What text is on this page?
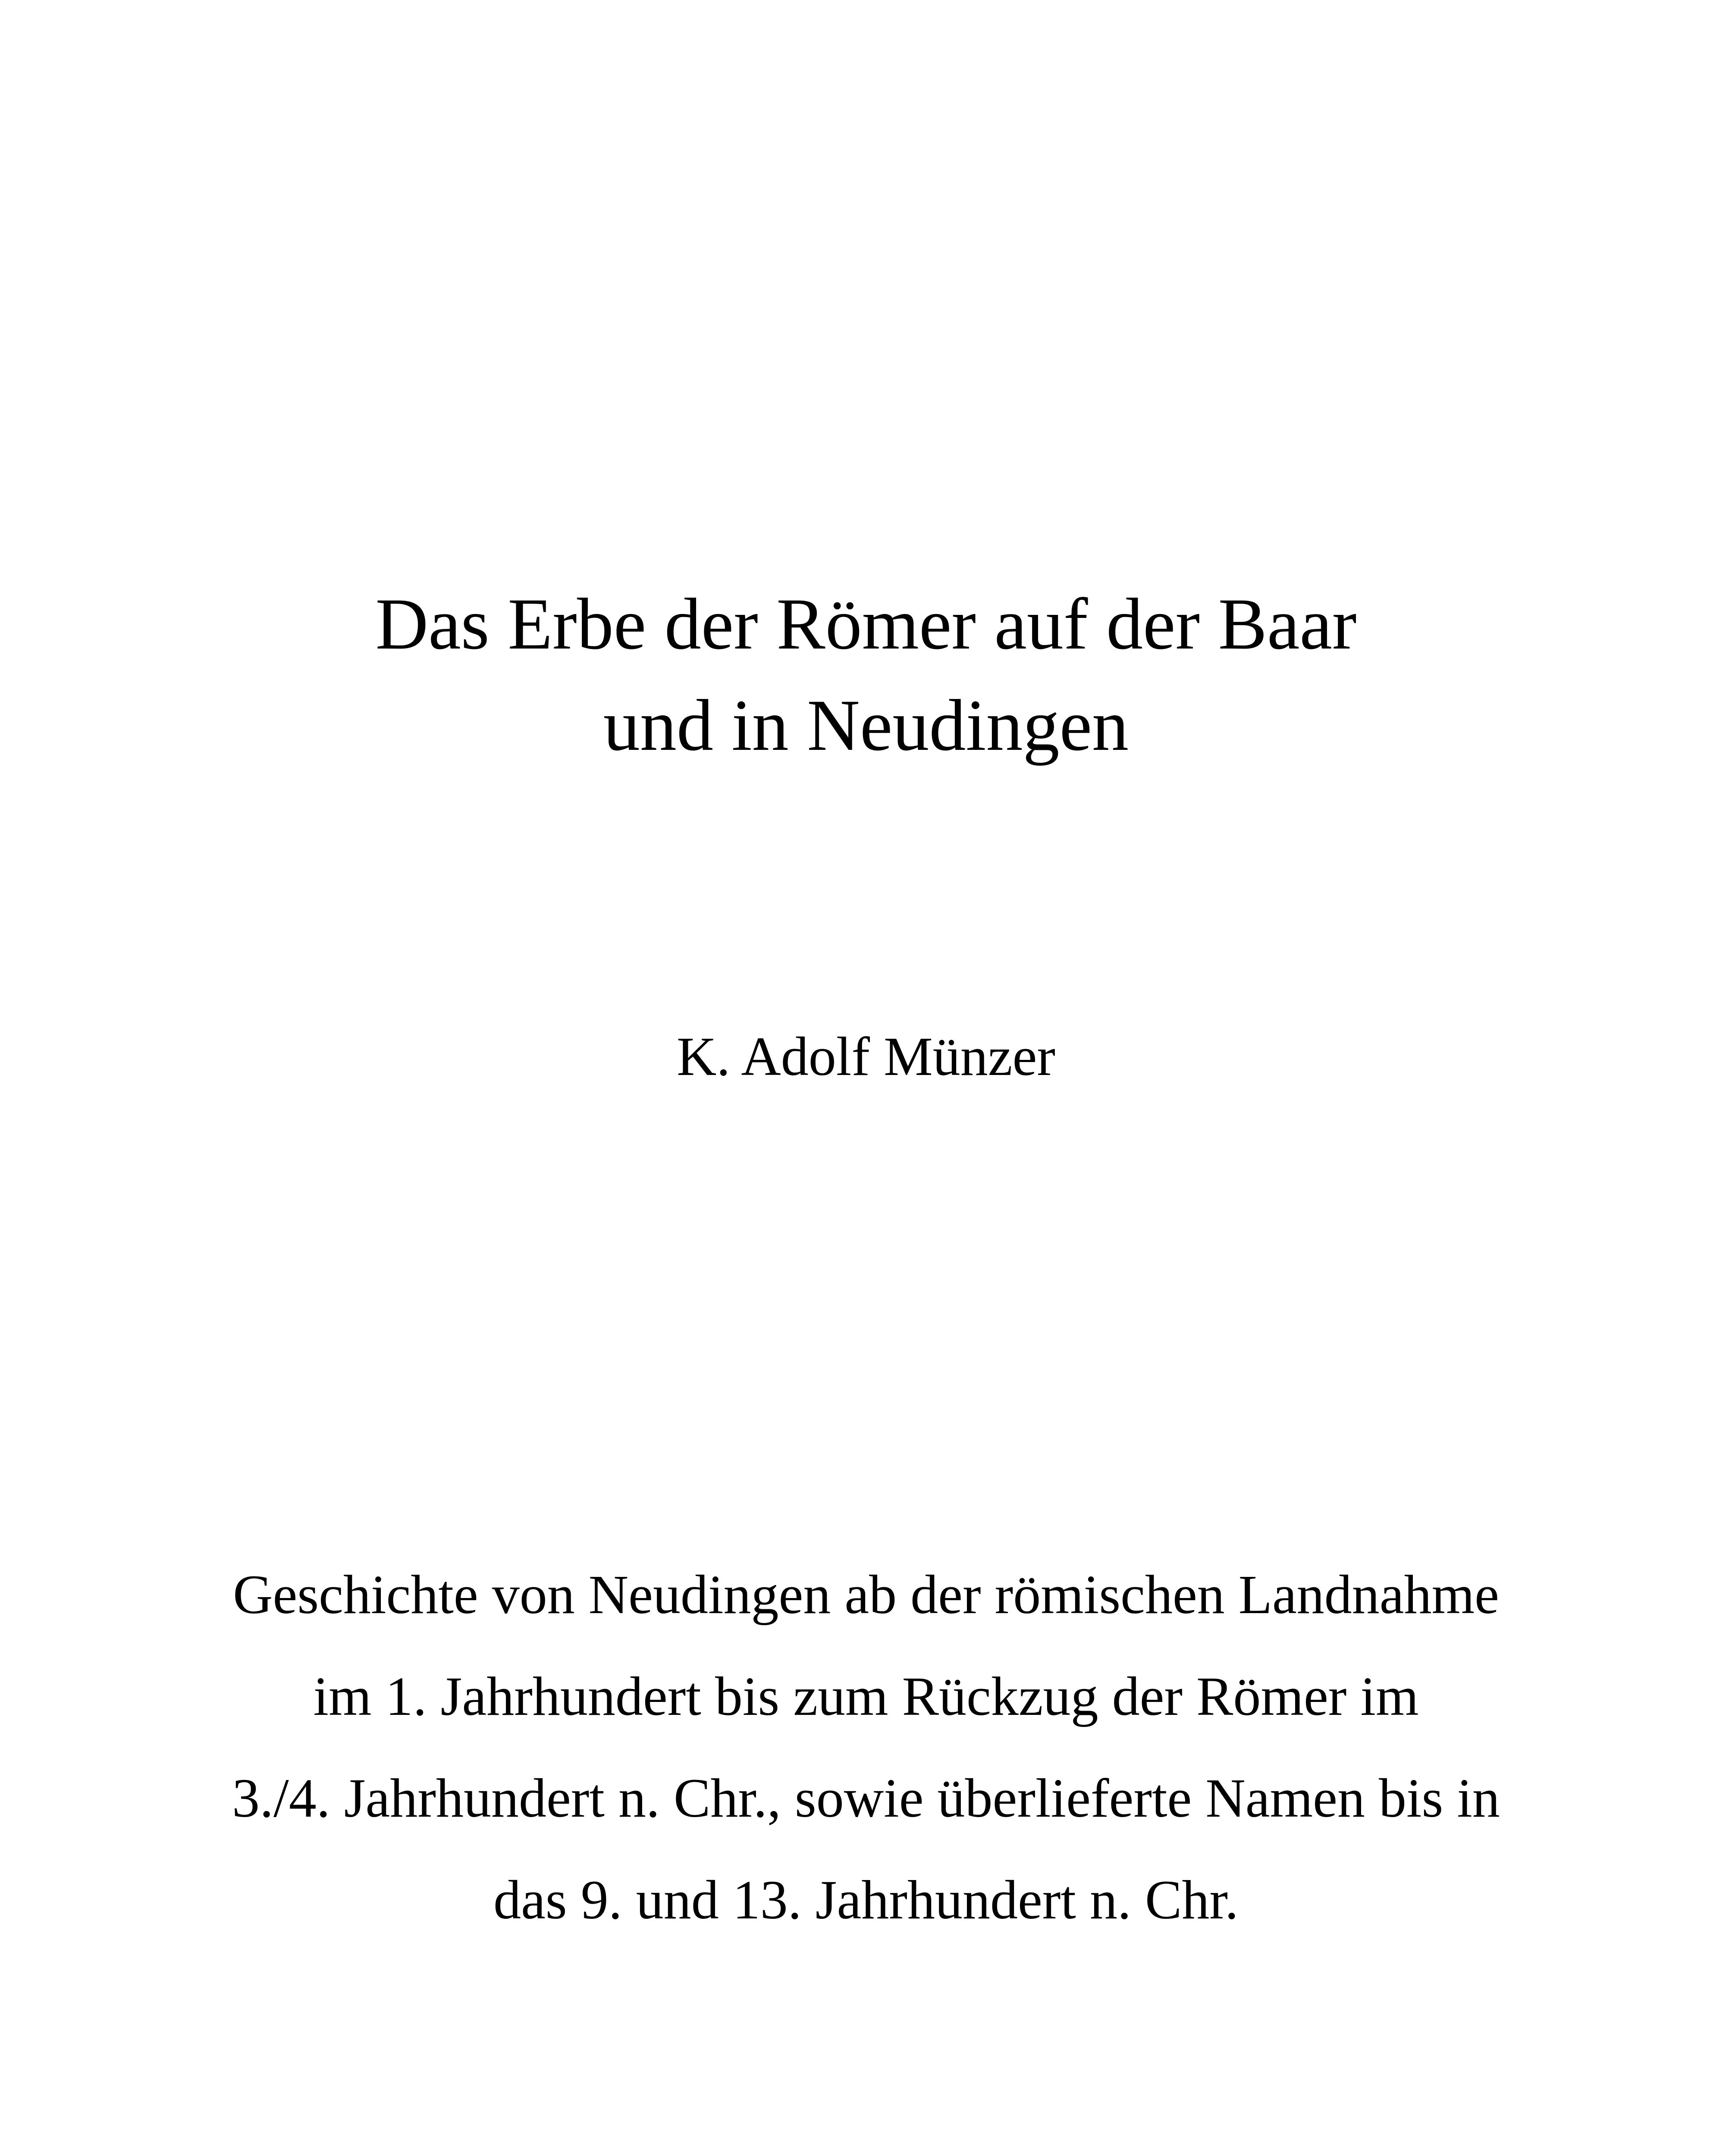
Das Erbe der Römer auf der Baar
und in Neudingen
K. Adolf Münzer
Geschichte von Neudingen ab der römischen Landnahme
im 1. Jahrhundert bis zum Rückzug der Römer im
3./4. Jahrhundert n. Chr., sowie überlieferte Namen bis in
das 9. und 13. Jahrhundert n. Chr.
